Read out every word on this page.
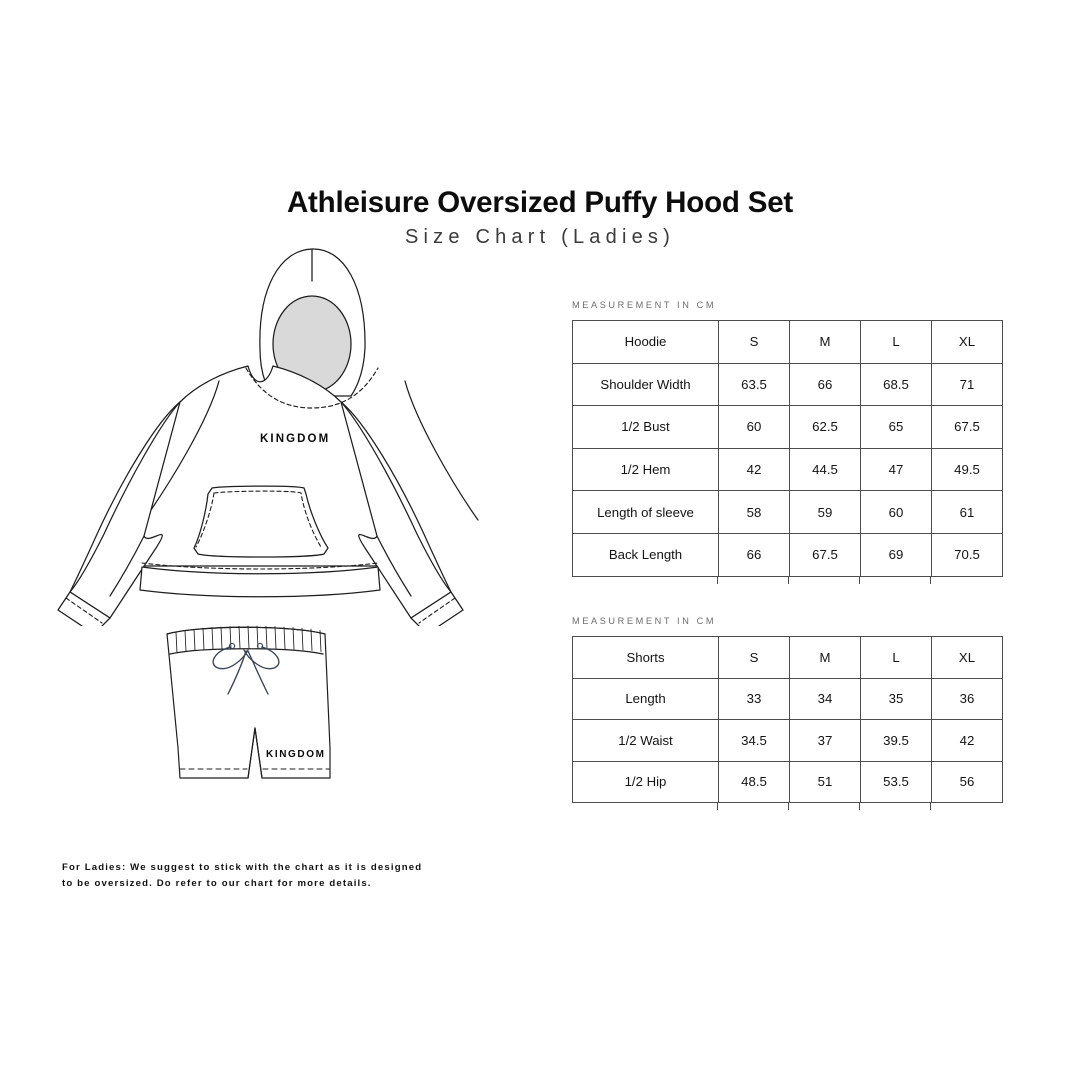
Athleisure Oversized Puffy Hood Set
Size Chart (Ladies)
KINGDOM
KINGDOM
MEASUREMENT IN CM
Hoodie	S	M	L	XL
Shoulder Width	63.5	66	68.5	71
1/2 Bust	60	62.5	65	67.5
1/2 Hem	42	44.5	47	49.5
Length of sleeve	58	59	60	61
Back Length	66	67.5	69	70.5
MEASUREMENT IN CM
Shorts	S	M	L	XL
Length	33	34	35	36
1/2 Waist	34.5	37	39.5	42
1/2 Hip	48.5	51	53.5	56
For Ladies: We suggest to stick with the chart as it is designed
to be oversized. Do refer to our chart for more details.
